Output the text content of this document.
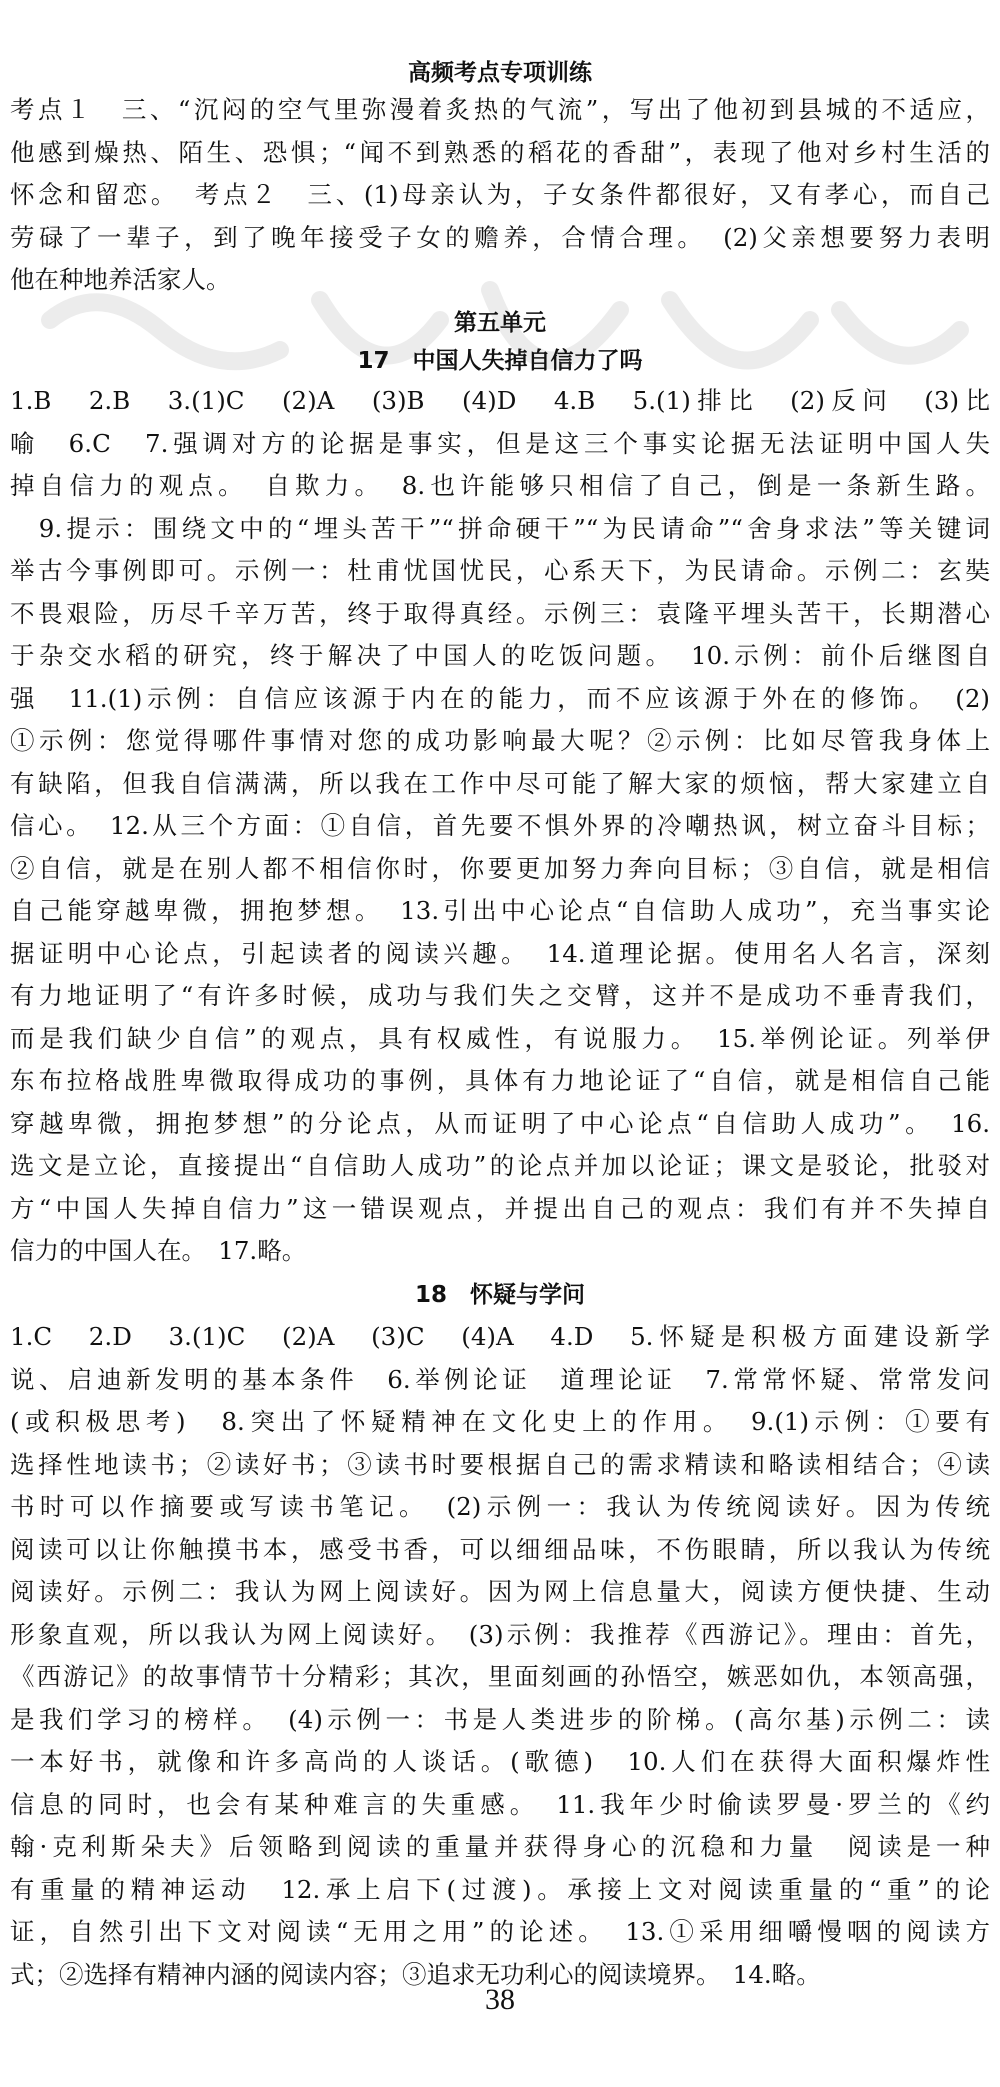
高频考点专项训练
考点１　三、“沉闷的空气里弥漫着炙热的气流”，写出了他初到县城的不适应，
他感到燥热、陌生、恐惧；“闻不到熟悉的稻花的香甜”，表现了他对乡村生活的
怀念和留恋。　考点２　三、(1)母亲认为，子女条件都很好，又有孝心，而自己
劳碌了一辈子，到了晚年接受子女的赡养，合情合理。　(2)父亲想要努力表明
他在种地养活家人。
第五单元
17　中国人失掉自信力了吗
1.B　2.B　3.(1)C　(2)A　(3)B　(4)D　4.B　5.(1)排比　(2)反问　(3)比
喻　6.C　7.强调对方的论据是事实，但是这三个事实论据无法证明中国人失
掉自信力的观点。　自欺力。　8.也许能够只相信了自己，倒是一条新生路。
　9.提示：围绕文中的“埋头苦干”“拼命硬干”“为民请命”“舍身求法”等关键词
举古今事例即可。示例一：杜甫忧国忧民，心系天下，为民请命。示例二：玄奘
不畏艰险，历尽千辛万苦，终于取得真经。示例三：袁隆平埋头苦干，长期潜心
于杂交水稻的研究，终于解决了中国人的吃饭问题。　10.示例：前仆后继图自
强　11.(1)示例：自信应该源于内在的能力，而不应该源于外在的修饰。　(2)
①示例：您觉得哪件事情对您的成功影响最大呢？②示例：比如尽管我身体上
有缺陷，但我自信满满，所以我在工作中尽可能了解大家的烦恼，帮大家建立自
信心。　12.从三个方面：①自信，首先要不惧外界的冷嘲热讽，树立奋斗目标；
②自信，就是在别人都不相信你时，你要更加努力奔向目标；③自信，就是相信
自己能穿越卑微，拥抱梦想。　13.引出中心论点“自信助人成功”，充当事实论
据证明中心论点，引起读者的阅读兴趣。　14.道理论据。使用名人名言，深刻
有力地证明了“有许多时候，成功与我们失之交臂，这并不是成功不垂青我们，
而是我们缺少自信”的观点，具有权威性，有说服力。　15.举例论证。列举伊
东布拉格战胜卑微取得成功的事例，具体有力地论证了“自信，就是相信自己能
穿越卑微，拥抱梦想”的分论点，从而证明了中心论点“自信助人成功”。　16.
选文是立论，直接提出“自信助人成功”的论点并加以论证；课文是驳论，批驳对
方“中国人失掉自信力”这一错误观点，并提出自己的观点：我们有并不失掉自
信力的中国人在。　17.略。
18　怀疑与学问
1.C　2.D　3.(1)C　(2)A　(3)C　(4)A　4.D　5.怀疑是积极方面建设新学
说、启迪新发明的基本条件　6.举例论证　道理论证　7.常常怀疑、常常发问
(或积极思考)　8.突出了怀疑精神在文化史上的作用。　9.(1)示例：①要有
选择性地读书；②读好书；③读书时要根据自己的需求精读和略读相结合；④读
书时可以作摘要或写读书笔记。　(2)示例一：我认为传统阅读好。因为传统
阅读可以让你触摸书本，感受书香，可以细细品味，不伤眼睛，所以我认为传统
阅读好。示例二：我认为网上阅读好。因为网上信息量大，阅读方便快捷、生动
形象直观，所以我认为网上阅读好。　(3)示例：我推荐《西游记》。理由：首先，
《西游记》的故事情节十分精彩；其次，里面刻画的孙悟空，嫉恶如仇，本领高强，
是我们学习的榜样。　(4)示例一：书是人类进步的阶梯。(高尔基)示例二：读
一本好书，就像和许多高尚的人谈话。(歌德)　10.人们在获得大面积爆炸性
信息的同时，也会有某种难言的失重感。　11.我年少时偷读罗曼·罗兰的《约
翰·克利斯朵夫》后领略到阅读的重量并获得身心的沉稳和力量　阅读是一种
有重量的精神运动　12.承上启下(过渡)。承接上文对阅读重量的“重”的论
证，自然引出下文对阅读“无用之用”的论述。　13.①采用细嚼慢咽的阅读方
式；②选择有精神内涵的阅读内容；③追求无功利心的阅读境界。　14.略。
38
